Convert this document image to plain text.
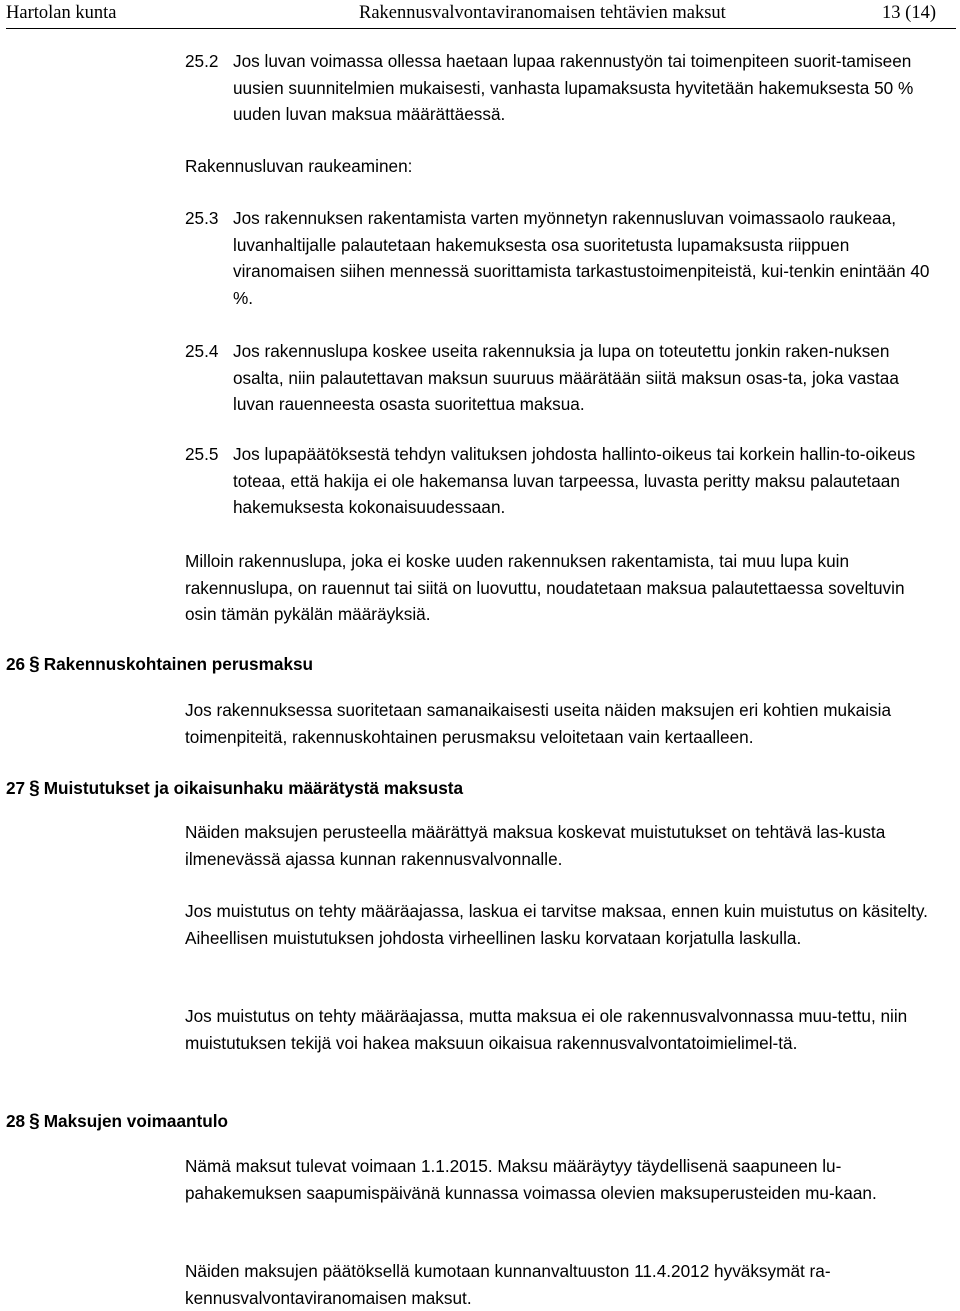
Hartolan kunta	Rakennusvalvontaviranomaisen tehtävien maksut	13 (14)

25.2 Jos luvan voimassa ollessa haetaan lupaa rakennustyön tai toimenpiteen suorit-tamiseen uusien suunnitelmien mukaisesti, vanhasta lupamaksusta hyvitetään hakemuksesta 50 % uuden luvan maksua määrättäessä.

Rakennusluvan raukeaminen:

25.3 Jos rakennuksen rakentamista varten myönnetyn rakennusluvan voimassaolo raukeaa, luvanhaltijalle palautetaan hakemuksesta osa suoritetusta lupamaksusta riippuen viranomaisen siihen mennessä suorittamista tarkastustoimenpiteistä, kui-tenkin enintään 40 %.

25.4 Jos rakennuslupa koskee useita rakennuksia ja lupa on toteutettu jonkin raken-nuksen osalta, niin palautettavan maksun suuruus määrätään siitä maksun osas-ta, joka vastaa luvan rauenneesta osasta suoritettua maksua.

25.5 Jos lupapäätöksestä tehdyn valituksen johdosta hallinto-oikeus tai korkein hallin-to-oikeus toteaa, että hakija ei ole hakemansa luvan tarpeessa, luvasta peritty maksu palautetaan hakemuksesta kokonaisuudessaan.

Milloin rakennuslupa, joka ei koske uuden rakennuksen rakentamista, tai muu lupa kuin rakennuslupa, on rauennut tai siitä on luovuttu, noudatetaan maksua palautettaessa soveltuvin osin tämän pykälän määräyksiä.

26 § Rakennuskohtainen perusmaksu

Jos rakennuksessa suoritetaan samanaikaisesti useita näiden maksujen eri kohtien mukaisia toimenpiteitä, rakennuskohtainen perusmaksu veloitetaan vain kertaalleen.

27 § Muistutukset ja oikaisunhaku määrätystä maksusta

Näiden maksujen perusteella määrättyä maksua koskevat muistutukset on tehtävä las-kusta ilmenevässä ajassa kunnan rakennusvalvonnalle.

Jos muistutus on tehty määräajassa, laskua ei tarvitse maksaa, ennen kuin muistutus on käsitelty. Aiheellisen muistutuksen johdosta virheellinen lasku korvataan korjatulla laskulla.

Jos muistutus on tehty määräajassa, mutta maksua ei ole rakennusvalvonnassa muu-tettu, niin muistutuksen tekijä voi hakea maksuun oikaisua rakennusvalvontatoimielimel-tä.

28 § Maksujen voimaantulo

Nämä maksut tulevat voimaan 1.1.2015. Maksu määräytyy täydellisenä saapuneen lu-pahakemuksen saapumispäivänä kunnassa voimassa olevien maksuperusteiden mu-kaan.

Näiden maksujen päätöksellä kumotaan kunnanvaltuuston 11.4.2012 hyväksymät ra-kennusvalvontaviranomaisen maksut.
